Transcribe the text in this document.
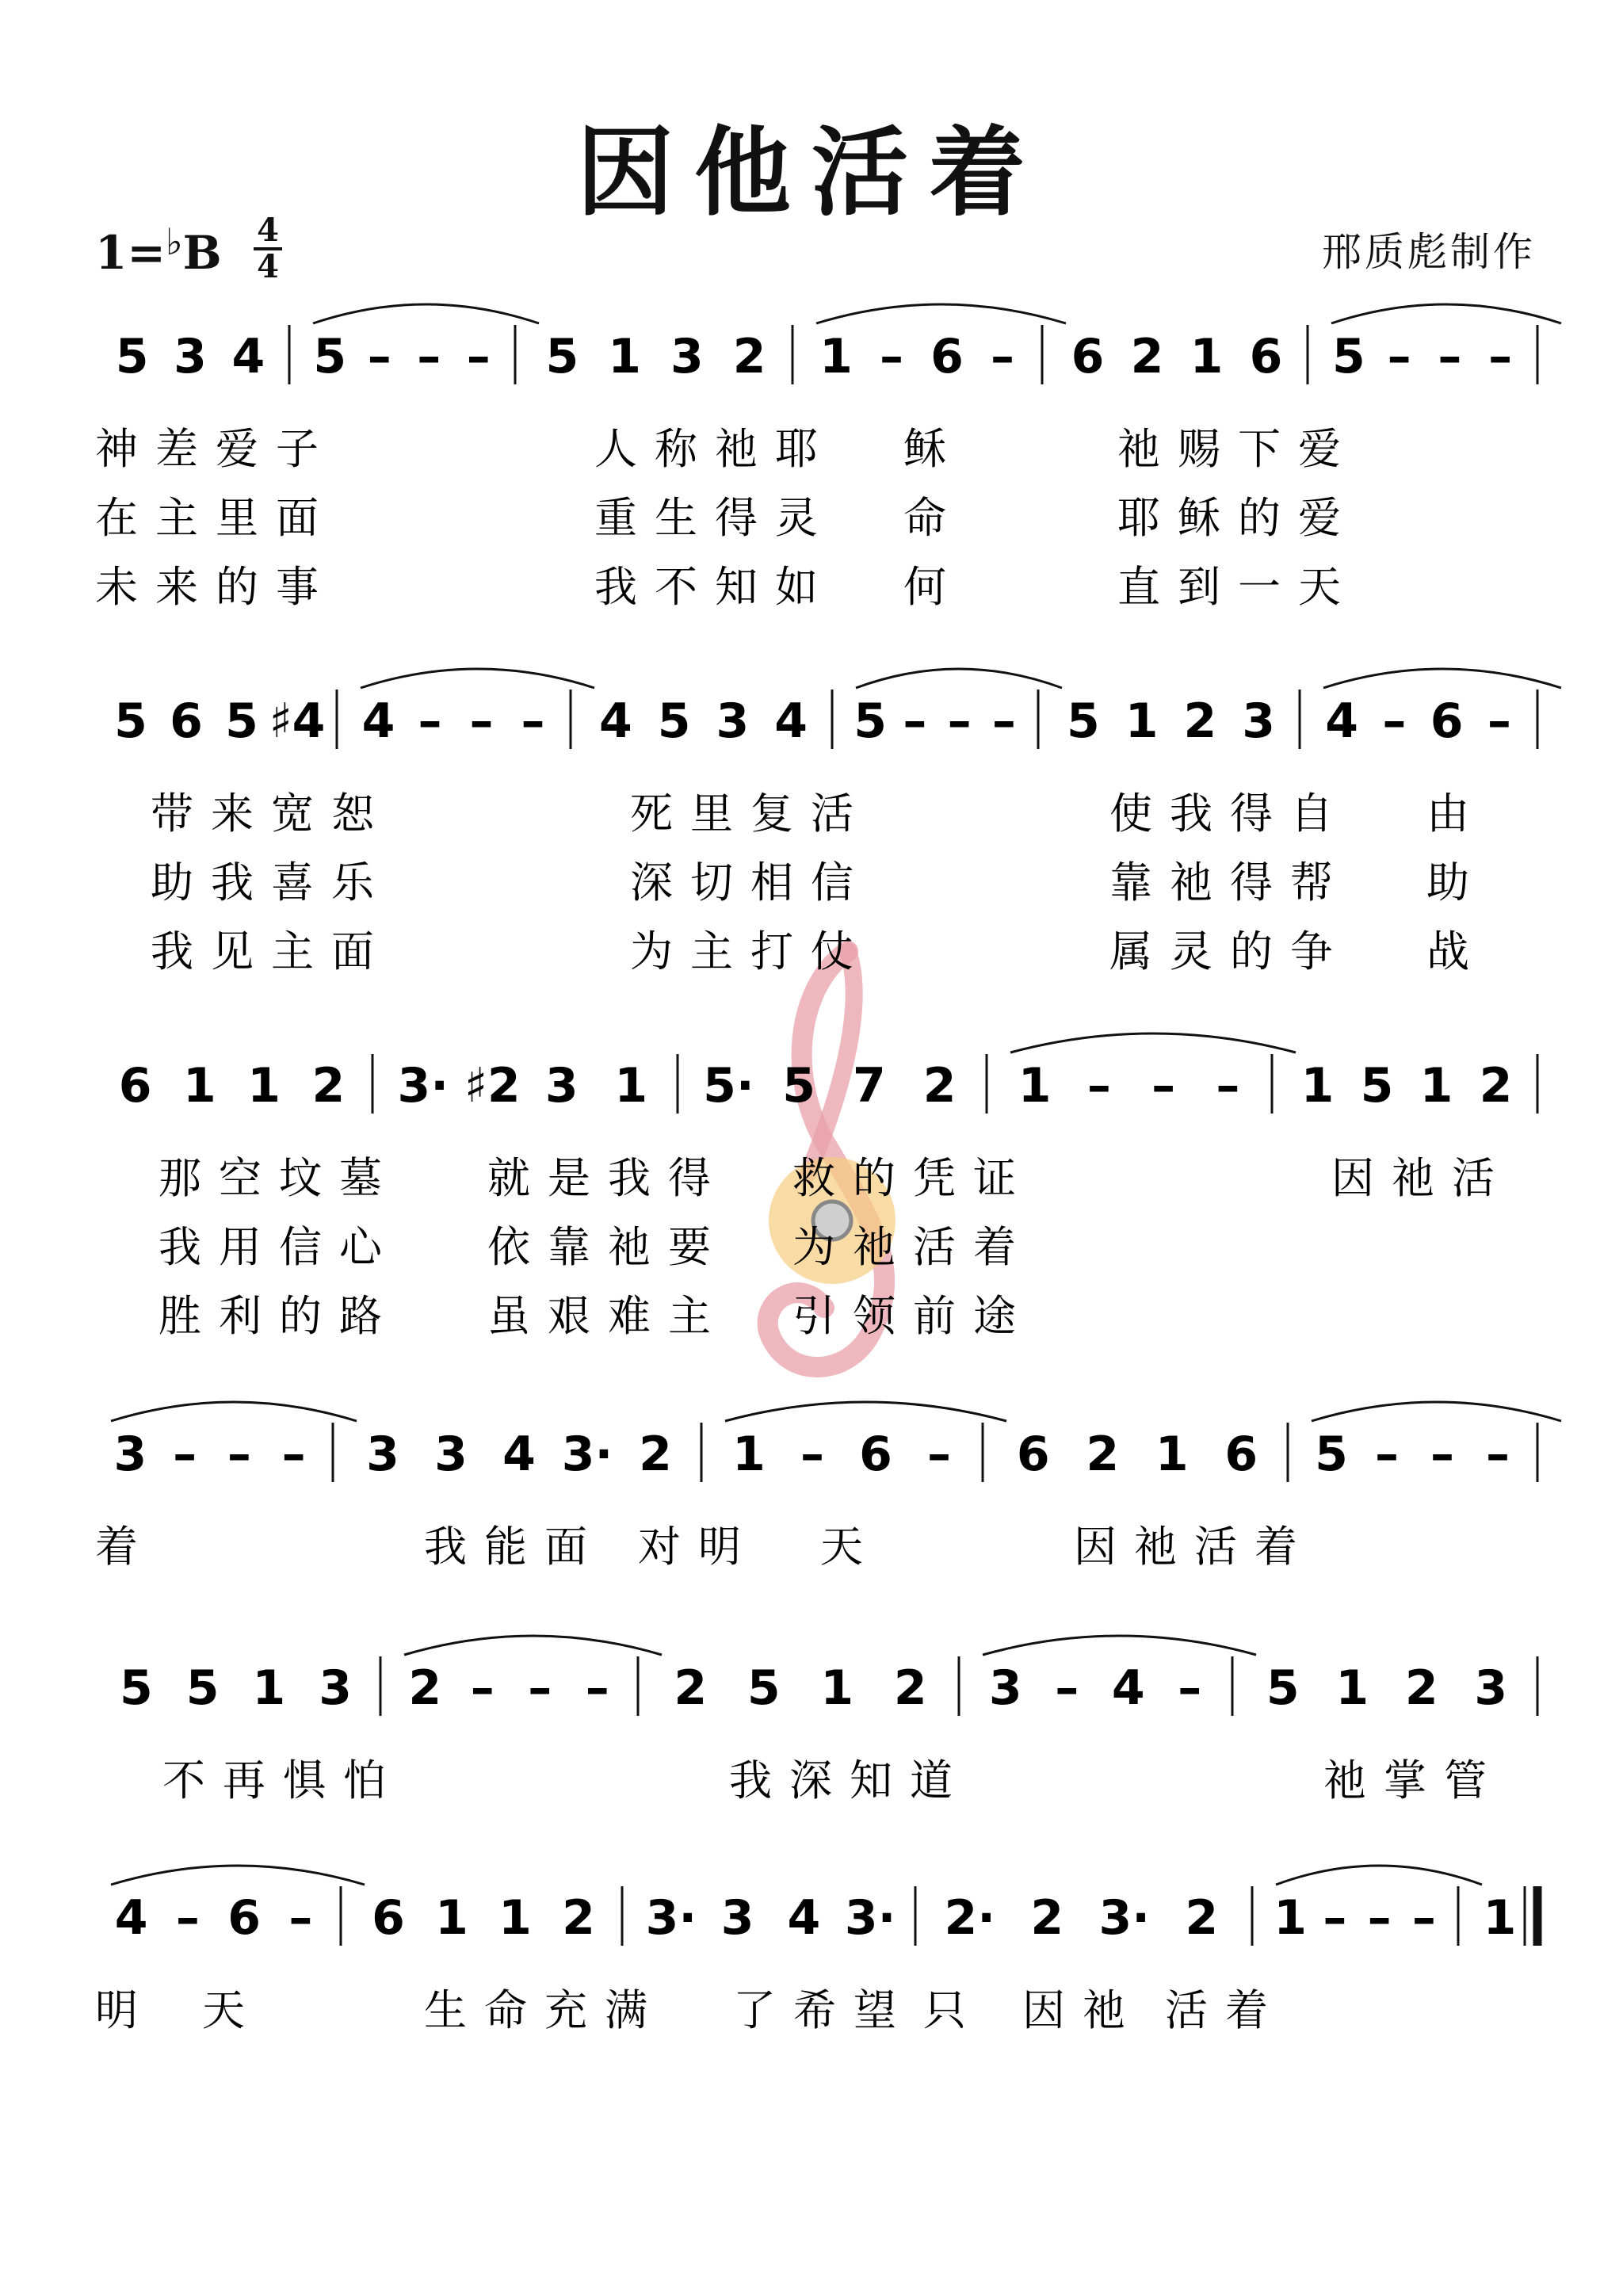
因他活着
1=♭B 4
4	邢质彪制作
5 3 4 5 – – – 5 1 3 2 1 – 6 – 6 2 1 6 5 – – –
神差爱子	人称祂耶 稣	祂赐下爱
在主里面	重生得灵 命	耶稣的爱
未来的事	我不知如 何	直到一天
5 6 5 ♯4 4 – – – 4 5 3 4 5 – – – 5 1 2 3 4 – 6 –
带来宽恕	死里复活	使我得自 由
助我喜乐	深切相信	靠祂得帮 助
我见主面	为主打仗	属灵的争 战
6 1 1 2 3· ♯2 3 1 5· 5 7 2 1 – – – 1 5 1 2
那空坟墓 就是我得 救的凭证	因祂活
我用信心 依靠祂要 为祂活着
胜利的路 虽艰难主 引领前途
3 – – – 3 3 4 3· 2 1 – 6 – 6 2 1 6 5 – – –
着	我能面 对明 天	因祂活着
5 5 1 3 2 – – – 2 5 1 2 3 – 4 – 5 1 2 3
不再惧怕	我深知道	祂掌管
4 – 6 – 6 1 1 2 3· 3 4 3· 2· 2 3· 2 1 – – – 1
明 天	生命充满 了希望 只 因祂 活着
